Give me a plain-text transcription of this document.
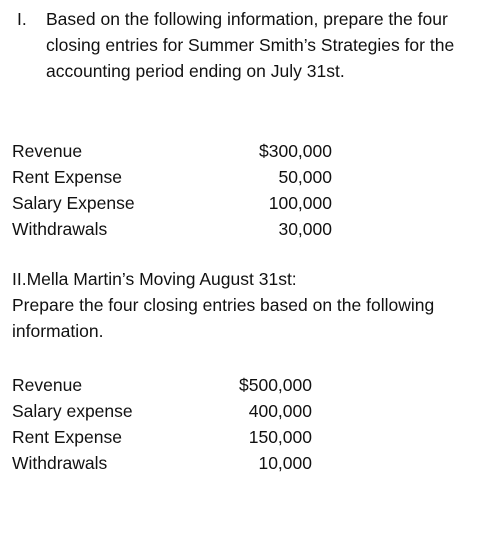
I. Based on the following information, prepare the four closing entries for Summer Smith’s Strategies for the accounting period ending on July 31st.
Revenue	$300,000
Rent Expense	50,000
Salary Expense	100,000
Withdrawals	30,000
II.Mella Martin’s Moving August 31st:
Prepare the four closing entries based on the following information.
Revenue	$500,000
Salary expense	400,000
Rent Expense	150,000
Withdrawals	10,000
